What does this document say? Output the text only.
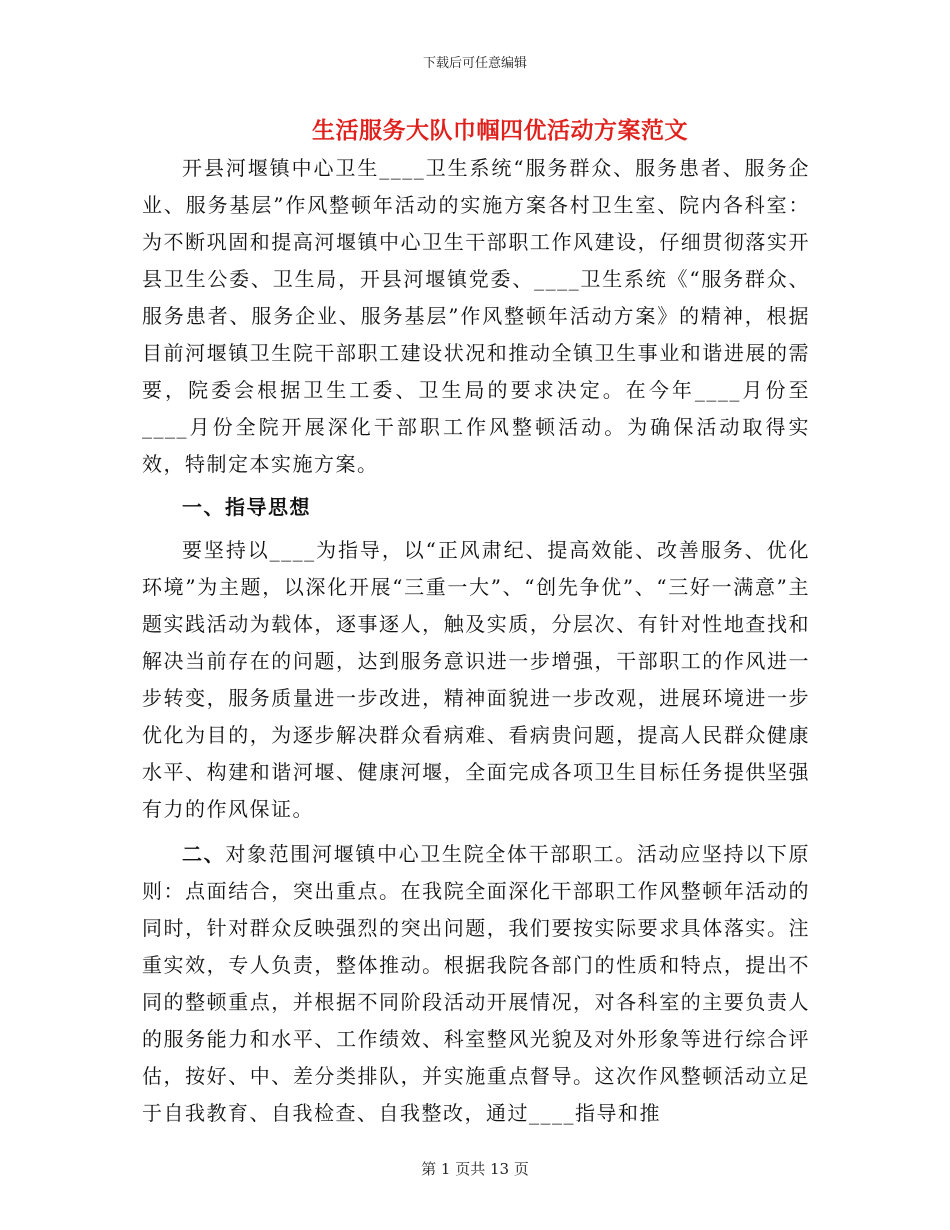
下载后可任意编辑
生活服务大队巾帼四优活动方案范文

开县河堰镇中心卫生____卫生系统“服务群众、服务患者、服务企业、服务基层”作风整顿年活动的实施方案各村卫生室、院内各科室：为不断巩固和提高河堰镇中心卫生干部职工作风建设，仔细贯彻落实开县卫生公委、卫生局，开县河堰镇党委、____卫生系统《“服务群众、服务患者、服务企业、服务基层”作风整顿年活动方案》的精神，根据目前河堰镇卫生院干部职工建设状况和推动全镇卫生事业和谐进展的需要，院委会根据卫生工委、卫生局的要求决定。在今年____月份至____月份全院开展深化干部职工作风整顿活动。为确保活动取得实效，特制定本实施方案。

一、指导思想

要坚持以____为指导，以“正风肃纪、提高效能、改善服务、优化环境”为主题，以深化开展“三重一大”、“创先争优”、“三好一满意”主题实践活动为载体，逐事逐人，触及实质，分层次、有针对性地查找和解决当前存在的问题，达到服务意识进一步增强，干部职工的作风进一步转变，服务质量进一步改进，精神面貌进一步改观，进展环境进一步优化为目的，为逐步解决群众看病难、看病贵问题，提高人民群众健康水平、构建和谐河堰、健康河堰，全面完成各项卫生目标任务提供坚强有力的作风保证。

二、对象范围河堰镇中心卫生院全体干部职工。活动应坚持以下原则：点面结合，突出重点。在我院全面深化干部职工作风整顿年活动的同时，针对群众反映强烈的突出问题，我们要按实际要求具体落实。注重实效，专人负责，整体推动。根据我院各部门的性质和特点，提出不同的整顿重点，并根据不同阶段活动开展情况，对各科室的主要负责人的服务能力和水平、工作绩效、科室整风光貌及对外形象等进行综合评估，按好、中、差分类排队，并实施重点督导。这次作风整顿活动立足于自我教育、自我检查、自我整改，通过____指导和推

第 1 页共 13 页
